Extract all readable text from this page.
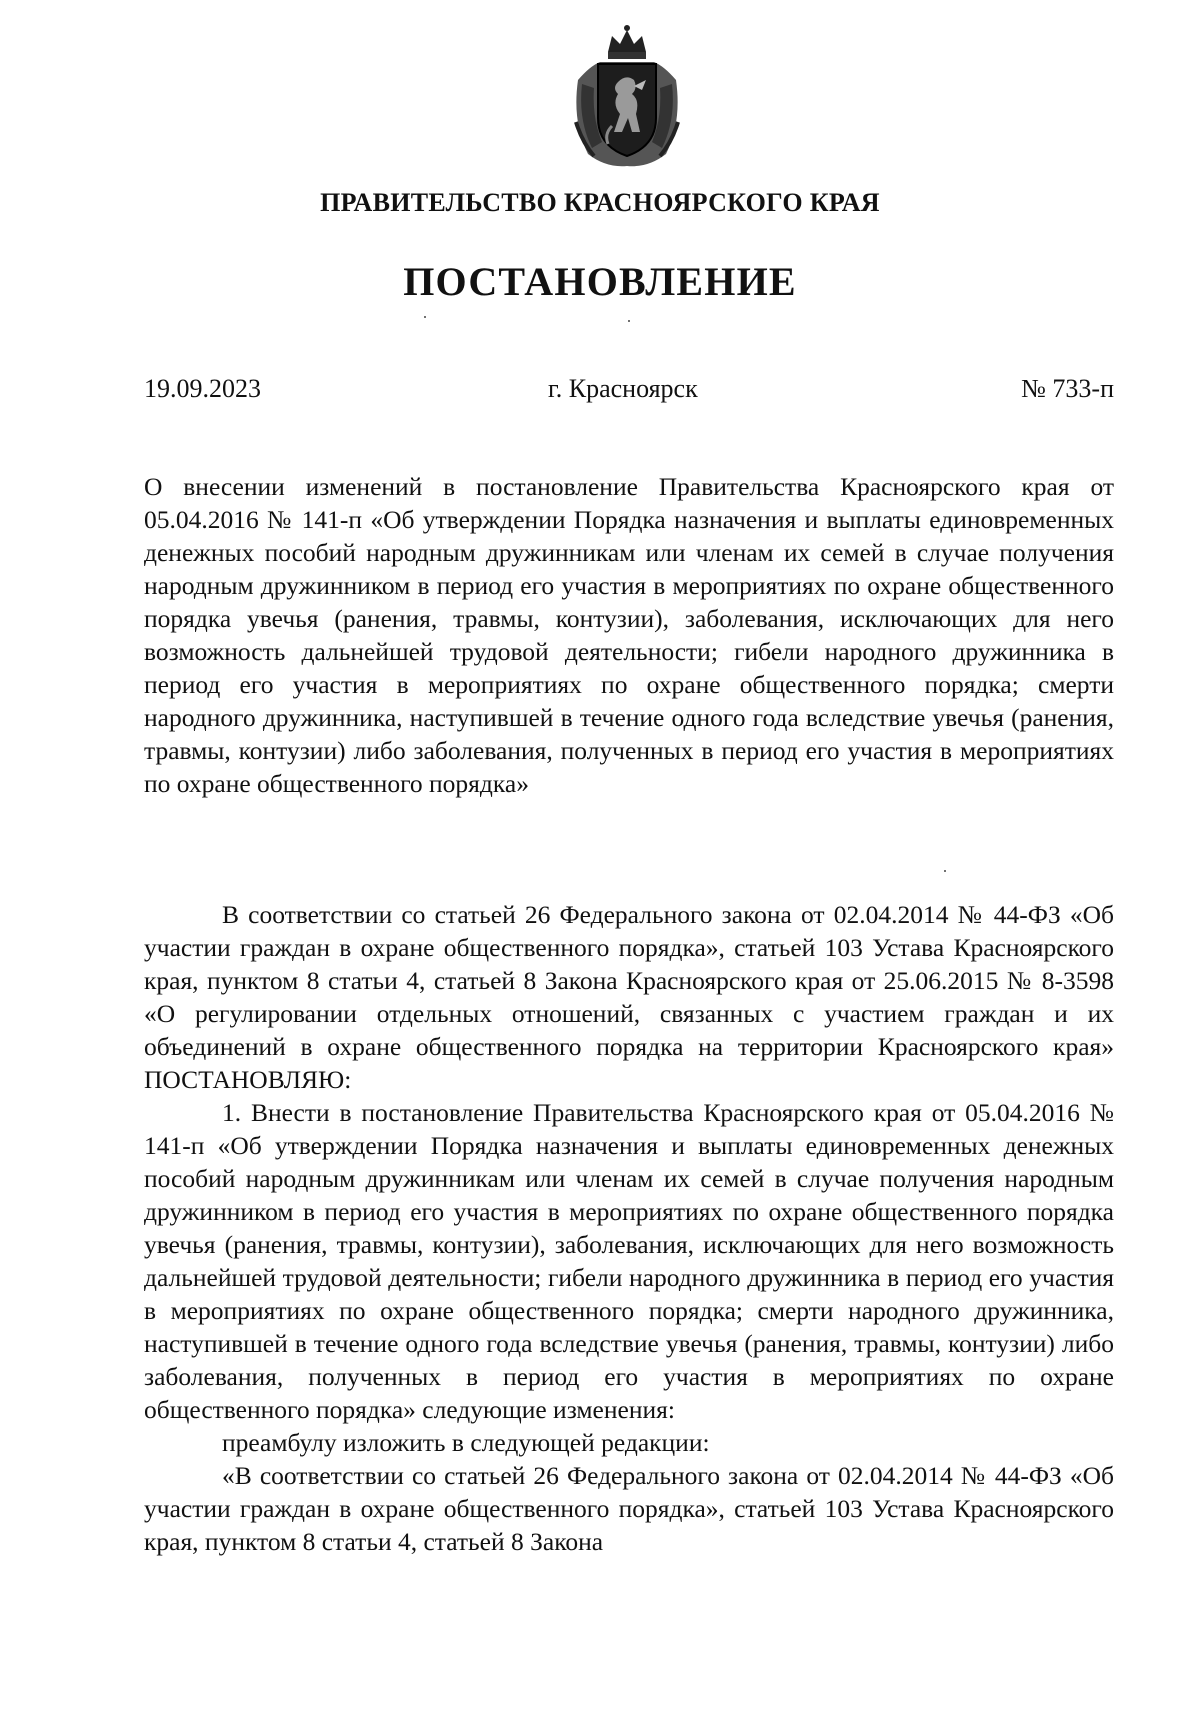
ПРАВИТЕЛЬСТВО КРАСНОЯРСКОГО КРАЯ
ПОСТАНОВЛЕНИЕ
19.09.2023	г. Красноярск	№ 733-п

О внесении изменений в постановление Правительства Красноярского края от 05.04.2016 № 141-п «Об утверждении Порядка назначения и выплаты единовременных денежных пособий народным дружинникам или членам их семей в случае получения народным дружинником в период его участия в мероприятиях по охране общественного порядка увечья (ранения, травмы, контузии), заболевания, исключающих для него возможность дальнейшей трудовой деятельности; гибели народного дружинника в период его участия в мероприятиях по охране общественного порядка; смерти народного дружинника, наступившей в течение одного года вследствие увечья (ранения, травмы, контузии) либо заболевания, полученных в период его участия в мероприятиях по охране общественного порядка»

В соответствии со статьей 26 Федерального закона от 02.04.2014 № 44-ФЗ «Об участии граждан в охране общественного порядка», статьей 103 Устава Красноярского края, пунктом 8 статьи 4, статьей 8 Закона Красноярского края от 25.06.2015 № 8-3598 «О регулировании отдельных отношений, связанных с участием граждан и их объединений в охране общественного порядка на территории Красноярского края» ПОСТАНОВЛЯЮ:

1. Внести в постановление Правительства Красноярского края от 05.04.2016 № 141-п «Об утверждении Порядка назначения и выплаты единовременных денежных пособий народным дружинникам или членам их семей в случае получения народным дружинником в период его участия в мероприятиях по охране общественного порядка увечья (ранения, травмы, контузии), заболевания, исключающих для него возможность дальнейшей трудовой деятельности; гибели народного дружинника в период его участия в мероприятиях по охране общественного порядка; смерти народного дружинника, наступившей в течение одного года вследствие увечья (ранения, травмы, контузии) либо заболевания, полученных в период его участия в мероприятиях по охране общественного порядка» следующие изменения:

преамбулу изложить в следующей редакции:

«В соответствии со статьей 26 Федерального закона от 02.04.2014 № 44-ФЗ «Об участии граждан в охране общественного порядка», статьей 103 Устава Красноярского края, пунктом 8 статьи 4, статьей 8 Закона
